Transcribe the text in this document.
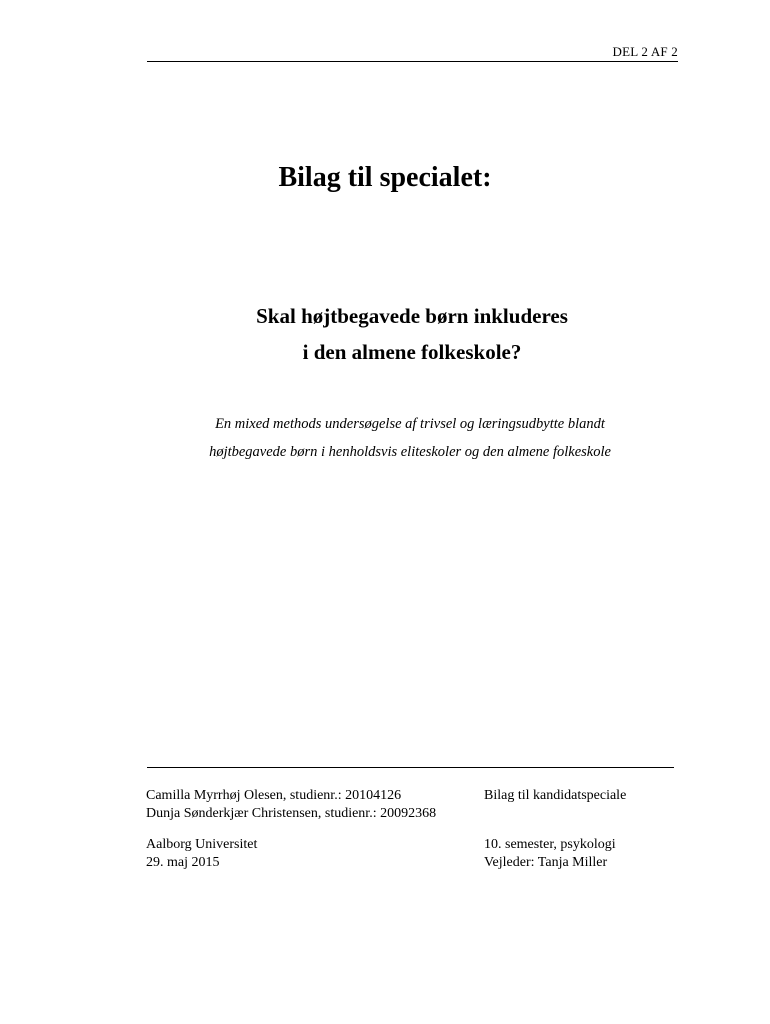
DEL 2 AF 2
Bilag til specialet:
Skal højtbegavede børn inkluderes
i den almene folkeskole?

En mixed methods undersøgelse af trivsel og læringsudbytte blandt
højtbegavede børn i henholdsvis eliteskoler og den almene folkeskole

Camilla Myrrhøj Olesen, studienr.: 20104126
Dunja Sønderkjær Christensen, studienr.: 20092368
Bilag til kandidatspeciale
Aalborg Universitet
29. maj 2015
10. semester, psykologi
Vejleder: Tanja Miller
